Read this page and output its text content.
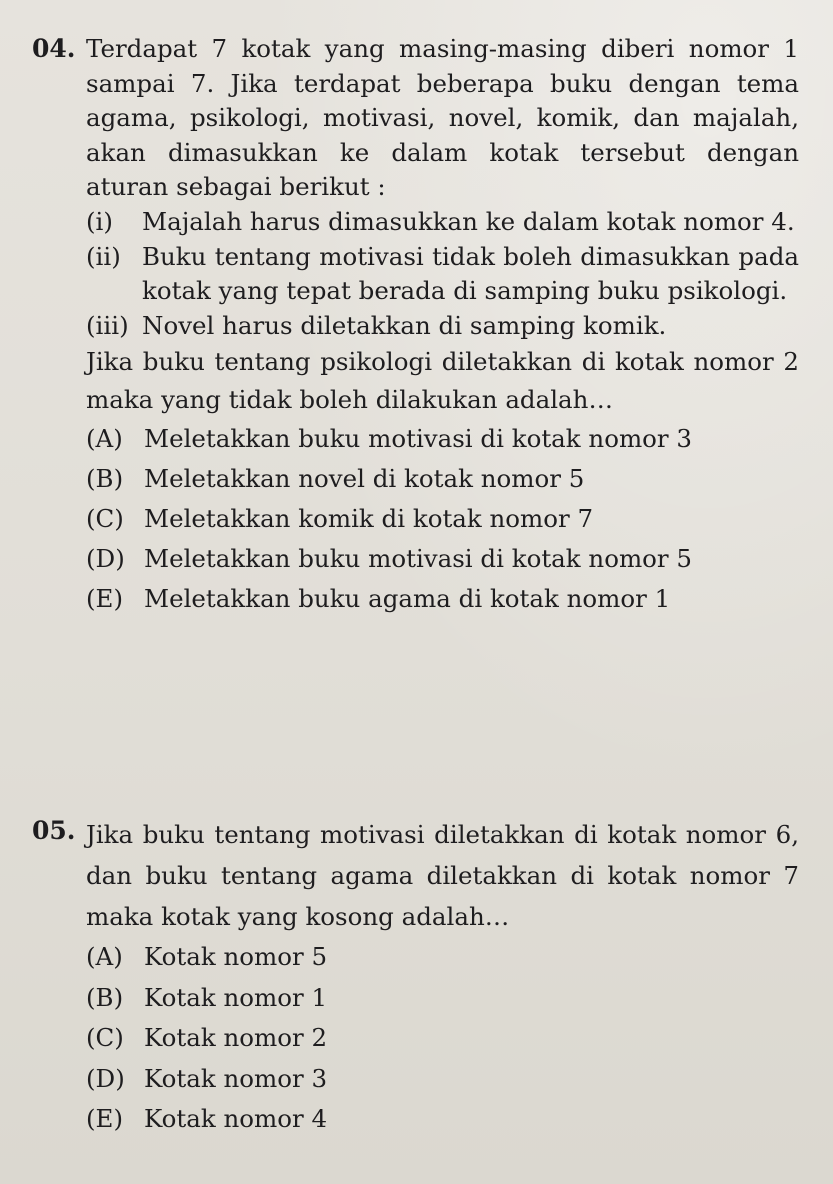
04. Terdapat 7 kotak yang masing-masing diberi nomor 1 sampai 7. Jika terdapat beberapa buku dengan tema agama, psikologi, motivasi, novel, komik, dan majalah, akan dimasukkan ke dalam kotak tersebut dengan aturan sebagai berikut :

(i) Majalah harus dimasukkan ke dalam kotak nomor 4.

(ii) Buku tentang motivasi tidak boleh dimasukkan pada kotak yang tepat berada di samping buku psikologi.

(iii) Novel harus diletakkan di samping komik.

Jika buku tentang psikologi diletakkan di kotak nomor 2 maka yang tidak boleh dilakukan adalah…

(A) Meletakkan buku motivasi di kotak nomor 3
(B) Meletakkan novel di kotak nomor 5
(C) Meletakkan komik di kotak nomor 7
(D) Meletakkan buku motivasi di kotak nomor 5
(E) Meletakkan buku agama di kotak nomor 1
05. Jika buku tentang motivasi diletakkan di kotak nomor 6, dan buku tentang agama diletakkan di kotak nomor 7 maka kotak yang kosong adalah…

(A) Kotak nomor 5
(B) Kotak nomor 1
(C) Kotak nomor 2
(D) Kotak nomor 3
(E) Kotak nomor 4
